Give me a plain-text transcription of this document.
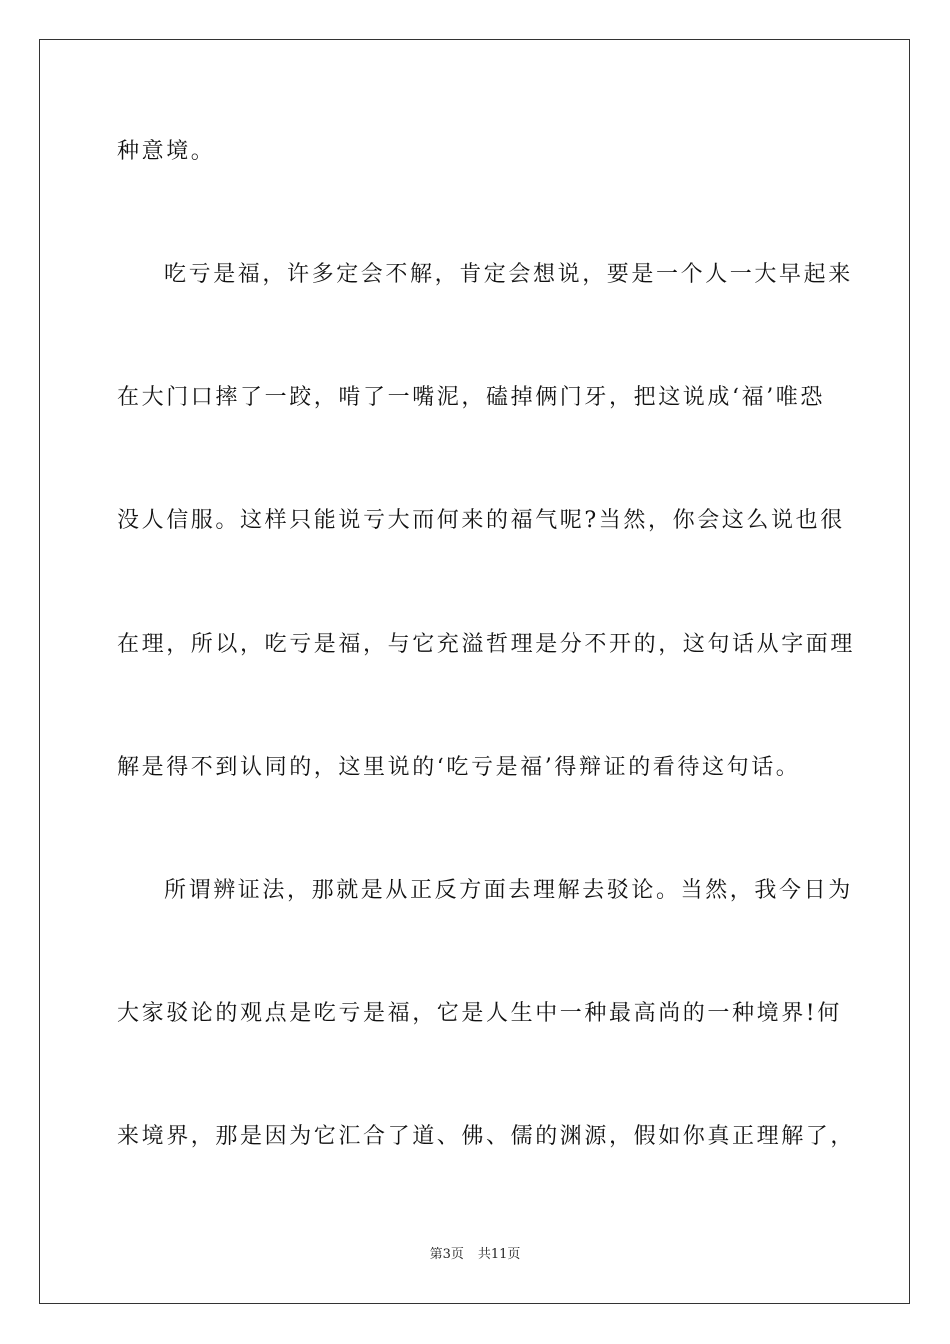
种意境。
吃亏是福，许多定会不解，肯定会想说，要是一个人一大早起来
在大门口摔了一跤，啃了一嘴泥，磕掉俩门牙，把这说成‘福’唯恐
没人信服。这样只能说亏大而何来的福气呢?当然，你会这么说也很
在理，所以，吃亏是福，与它充溢哲理是分不开的，这句话从字面理
解是得不到认同的，这里说的‘吃亏是福’得辩证的看待这句话。
所谓辨证法，那就是从正反方面去理解去驳论。当然，我今日为
大家驳论的观点是吃亏是福，它是人生中一种最高尚的一种境界!何
来境界，那是因为它汇合了道、佛、儒的渊源，假如你真正理解了，
第3页 共11页
